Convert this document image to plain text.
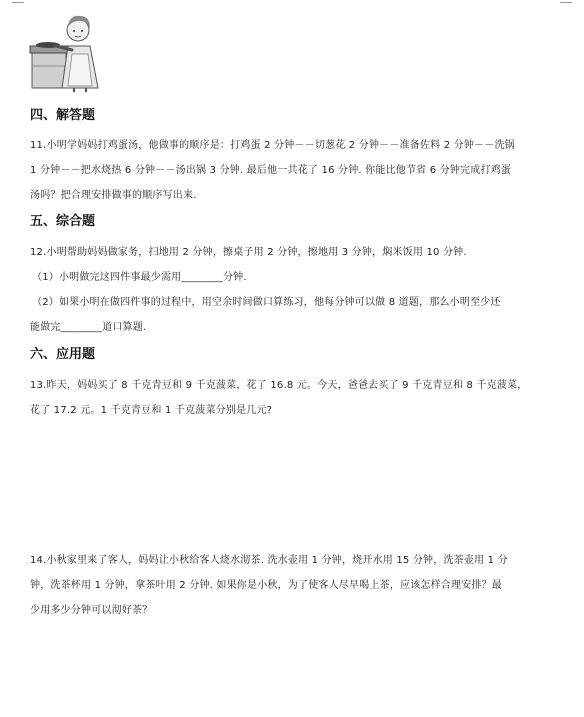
四、解答题
11.小明学妈妈打鸡蛋汤，他做事的顺序是：打鸡蛋 2 分钟－－切葱花 2 分钟－－准备佐料 2 分钟－－洗锅
1 分钟－－把水烧热 6 分钟－－汤出锅 3 分钟. 最后他一共花了 16 分钟. 你能比他节省 6 分钟完成打鸡蛋
汤吗？把合理安排做事的顺序写出来.
五、综合题
12.小明帮助妈妈做家务，扫地用 2 分钟，擦桌子用 2 分钟，擦地用 3 分钟，焖米饭用 10 分钟.
（1）小明做完这四件事最少需用________分钟.
（2）如果小明在做四件事的过程中，用空余时间做口算练习，他每分钟可以做 8 道题，那么小明至少还
能做完________道口算题.
六、应用题
13.昨天，妈妈买了 8 千克青豆和 9 千克菠菜，花了 16.8 元。今天，爸爸去买了 9 千克青豆和 8 千克菠菜，
花了 17.2 元。1 千克青豆和 1 千克菠菜分别是几元?
14.小秋家里来了客人，妈妈让小秋给客人烧水沏茶. 洗水壶用 1 分钟，烧开水用 15 分钟，洗茶壶用 1 分
钟，洗茶杯用 1 分钟，拿茶叶用 2 分钟. 如果你是小秋，为了使客人尽早喝上茶，应该怎样合理安排？最
少用多少分钟可以沏好茶？
